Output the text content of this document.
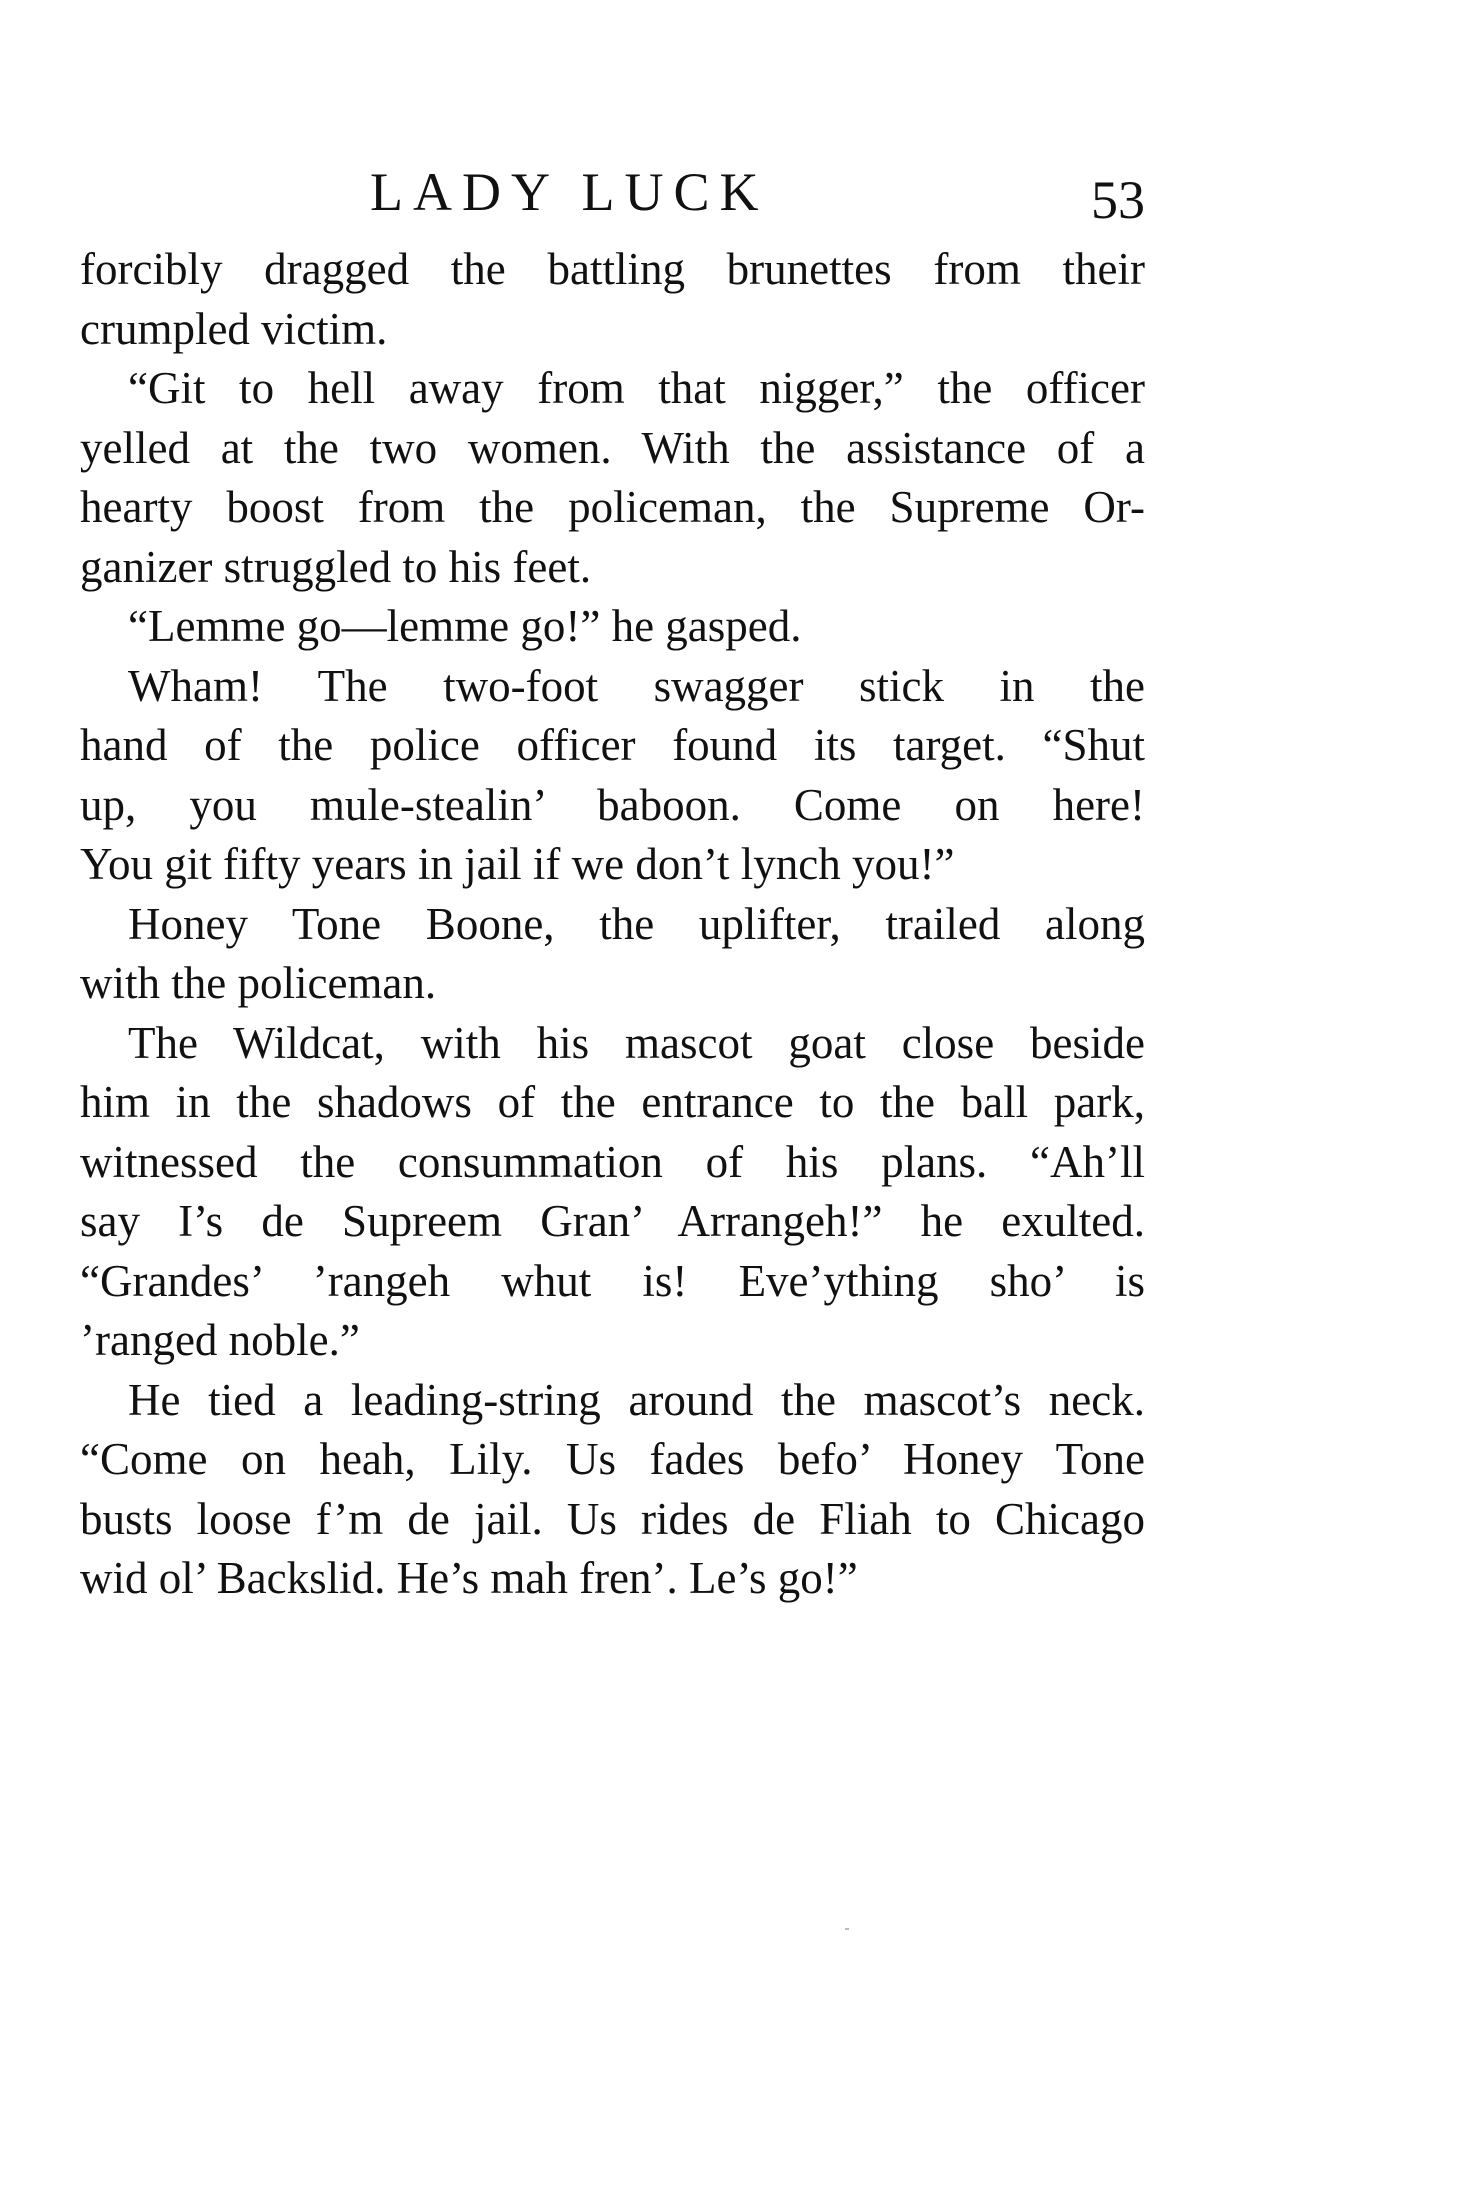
LADY LUCK	53
forcibly dragged the battling brunettes from their
crumpled victim.
“Git to hell away from that nigger,” the officer
yelled at the two women. With the assistance of a
hearty boost from the policeman, the Supreme Or-
ganizer struggled to his feet.
“Lemme go—lemme go!” he gasped.
Wham! The two-foot swagger stick in the
hand of the police officer found its target. “Shut
up, you mule-stealin’ baboon. Come on here!
You git fifty years in jail if we don’t lynch you!”
Honey Tone Boone, the uplifter, trailed along
with the policeman.
The Wildcat, with his mascot goat close beside
him in the shadows of the entrance to the ball park,
witnessed the consummation of his plans. “Ah’ll
say I’s de Supreem Gran’ Arrangeh!” he exulted.
“Grandes’ ’rangeh whut is! Eve’ything sho’ is
’ranged noble.”
He tied a leading-string around the mascot’s neck.
“Come on heah, Lily. Us fades befo’ Honey Tone
busts loose f’m de jail. Us rides de Fliah to Chicago
wid ol’ Backslid. He’s mah fren’. Le’s go!”
